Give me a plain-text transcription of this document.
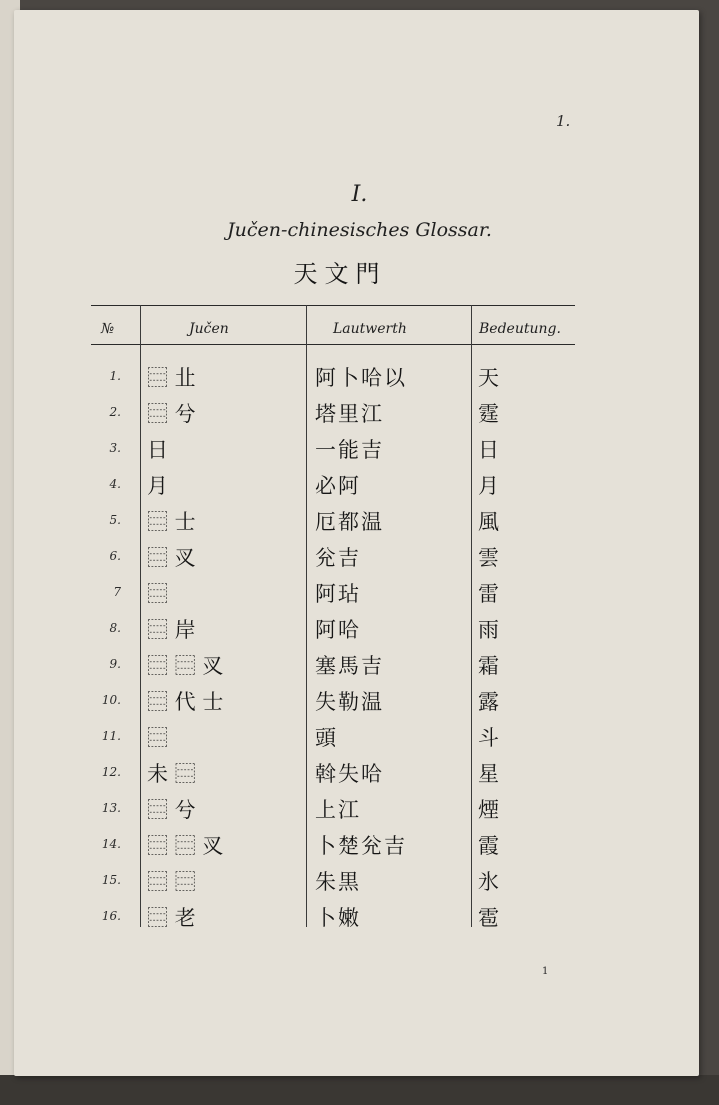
1.
I.
Jučen-chinesisches Glossar.
天文門
№	Jučen	Lautwerth	Bedeutung.
1. ⿳ 㐀	阿卜哈以	天
2. ⿳ 兮	塔里江	霆
3. 日	一能吉	日
4. 月	必阿	月
5. ⿳ 士	厄都温	風
6. ⿳ 㕚	兊吉	雲
7 ⿳	阿玷	雷
8. ⿳ 岸	阿哈	雨
9. ⿳ ⿳ 㕚	塞馬吉	霜
10. ⿳ 代 士	失勒温	露
11. ⿳	頭	斗
12. 未 ⿳	斡失哈	星
13. ⿳ 兮	上江	煙
14. ⿳ ⿳ 㕚	卜楚兊吉	霞
15. ⿳ ⿳	朱黒	氷
16. ⿳ 老	卜嫩	雹
1
